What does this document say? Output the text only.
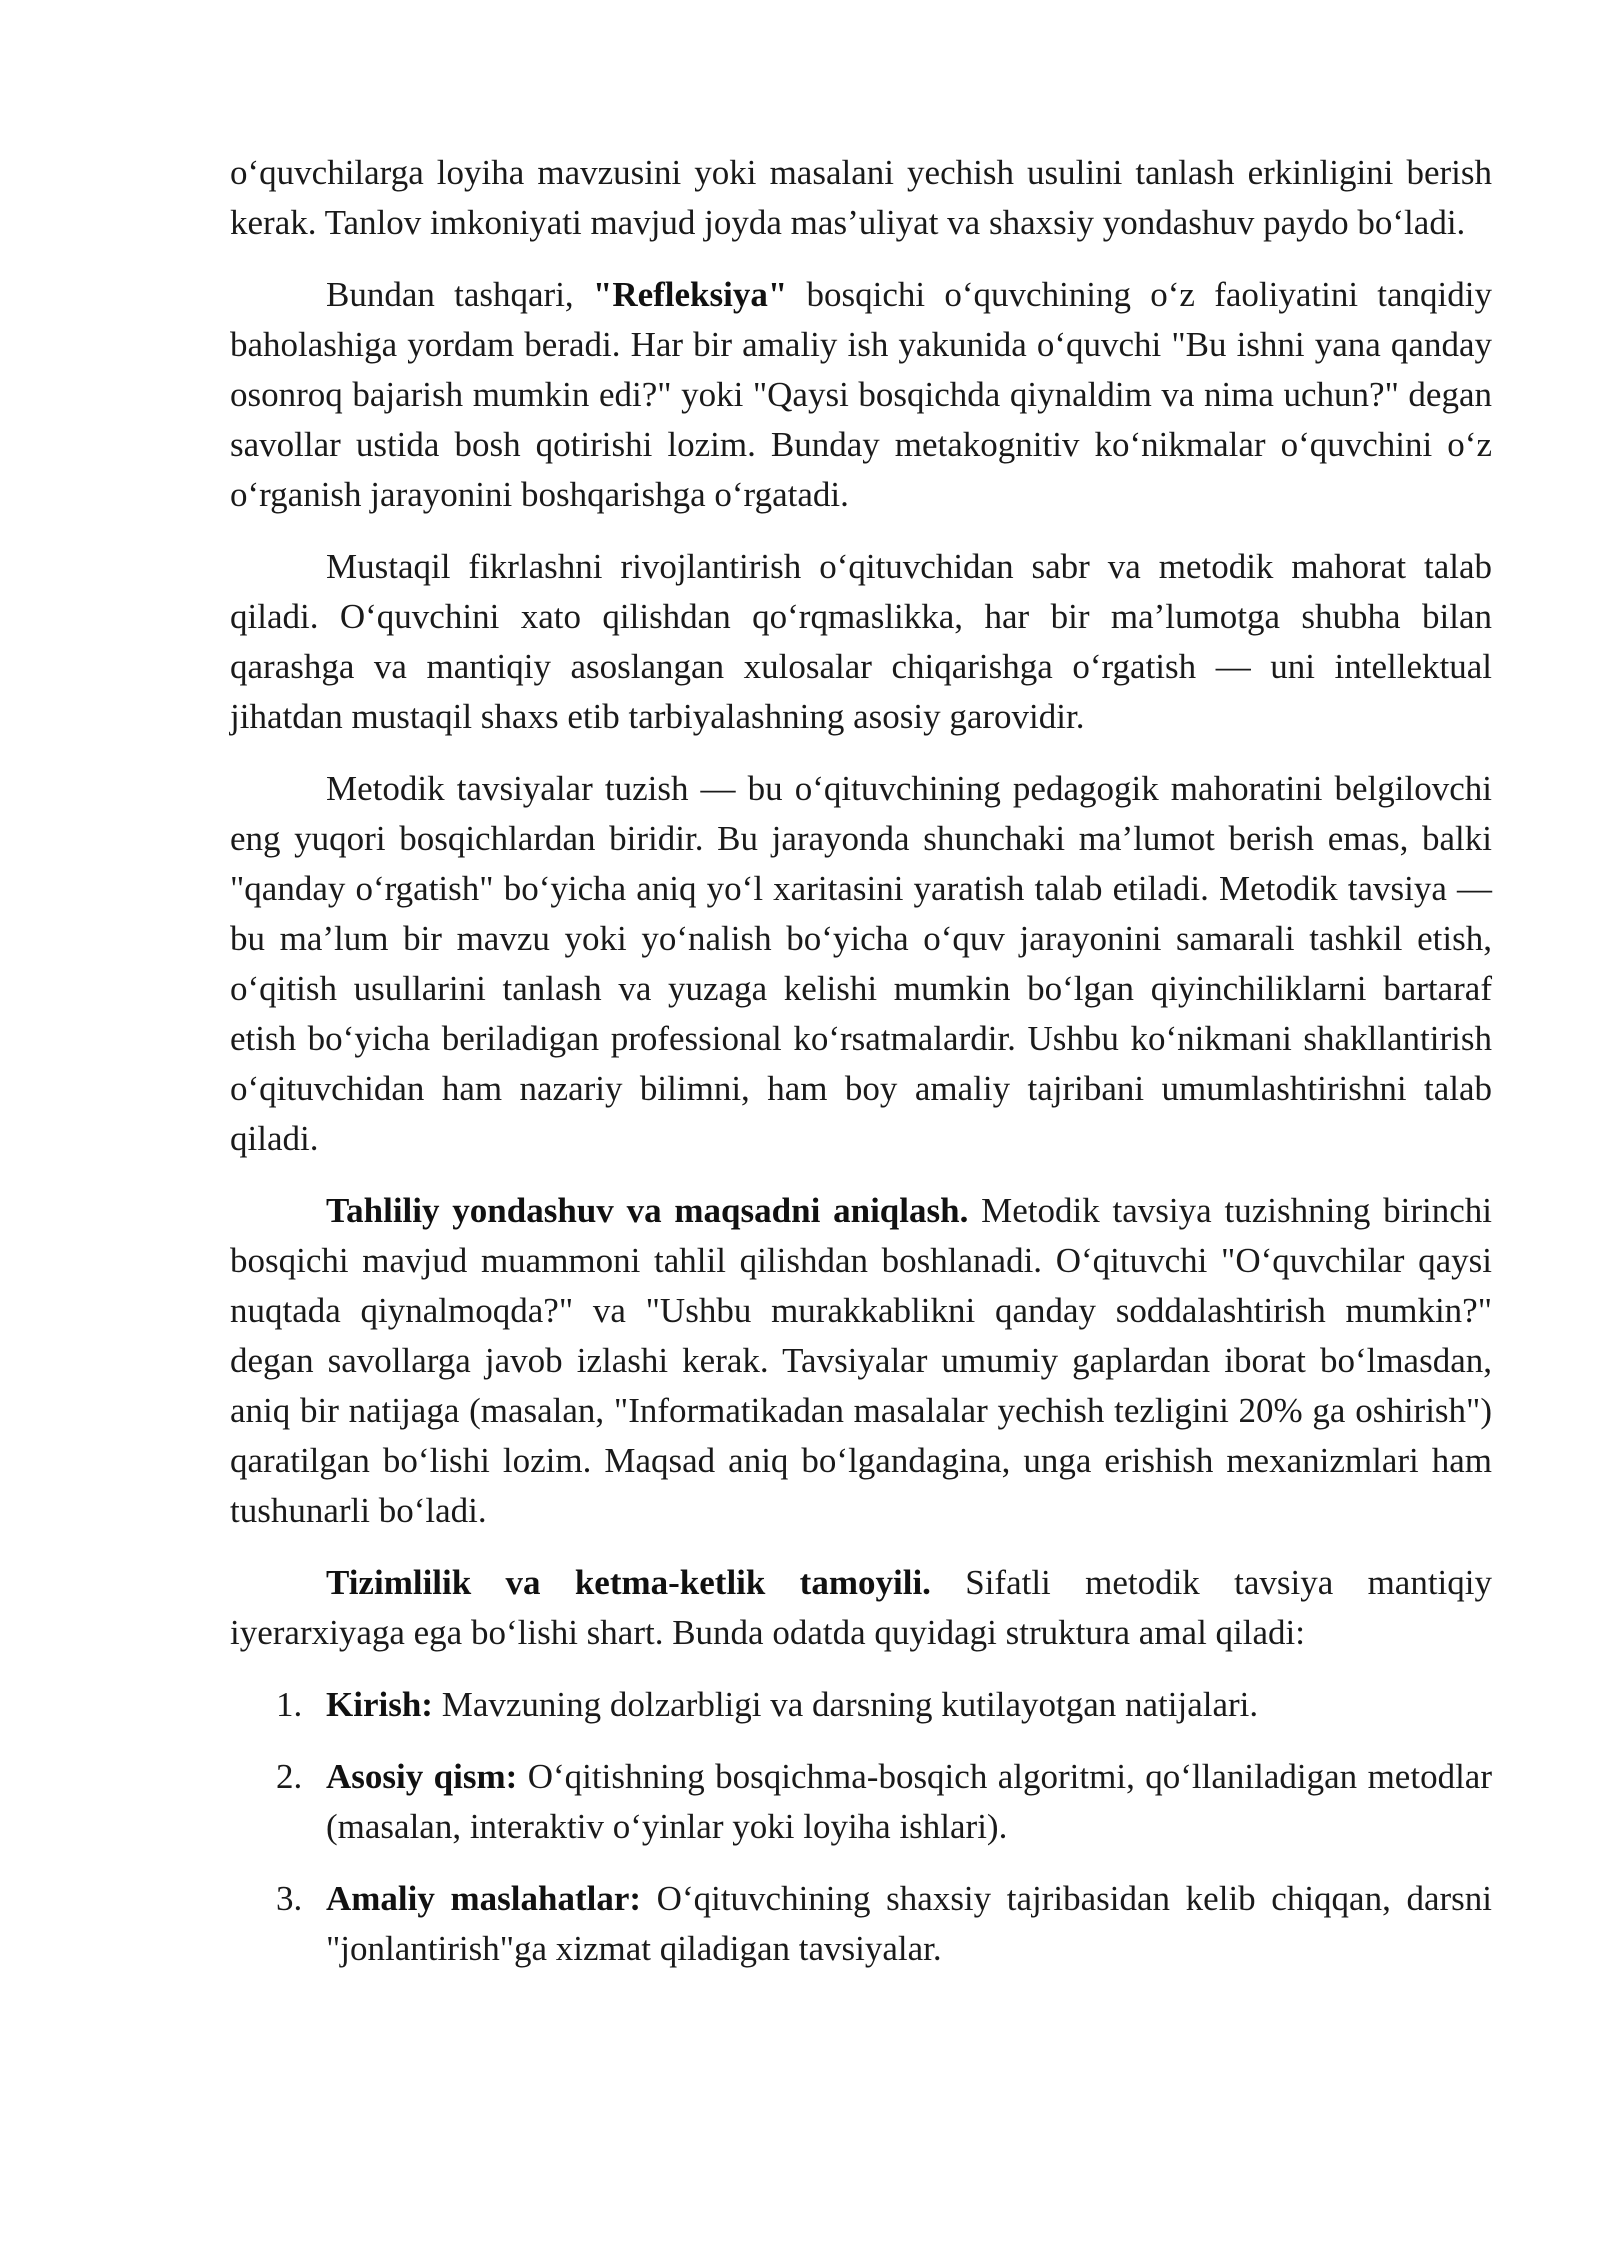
o‘quvchilarga loyiha mavzusini yoki masalani yechish usulini tanlash erkinligini berish kerak. Tanlov imkoniyati mavjud joyda mas’uliyat va shaxsiy yondashuv paydo bo‘ladi.

Bundan tashqari, "Refleksiya" bosqichi o‘quvchining o‘z faoliyatini tanqidiy baholashiga yordam beradi. Har bir amaliy ish yakunida o‘quvchi "Bu ishni yana qanday osonroq bajarish mumkin edi?" yoki "Qaysi bosqichda qiynaldim va nima uchun?" degan savollar ustida bosh qotirishi lozim. Bunday metakognitiv ko‘nikmalar o‘quvchini o‘z o‘rganish jarayonini boshqarishga o‘rgatadi.

Mustaqil fikrlashni rivojlantirish o‘qituvchidan sabr va metodik mahorat talab qiladi. O‘quvchini xato qilishdan qo‘rqmaslikka, har bir ma’lumotga shubha bilan qarashga va mantiqiy asoslangan xulosalar chiqarishga o‘rgatish — uni intellektual jihatdan mustaqil shaxs etib tarbiyalashning asosiy garovidir.

Metodik tavsiyalar tuzish — bu o‘qituvchining pedagogik mahoratini belgilovchi eng yuqori bosqichlardan biridir. Bu jarayonda shunchaki ma’lumot berish emas, balki "qanday o‘rgatish" bo‘yicha aniq yo‘l xaritasini yaratish talab etiladi. Metodik tavsiya — bu ma’lum bir mavzu yoki yo‘nalish bo‘yicha o‘quv jarayonini samarali tashkil etish, o‘qitish usullarini tanlash va yuzaga kelishi mumkin bo‘lgan qiyinchiliklarni bartaraf etish bo‘yicha beriladigan professional ko‘rsatmalardir. Ushbu ko‘nikmani shakllantirish o‘qituvchidan ham nazariy bilimni, ham boy amaliy tajribani umumlashtirishni talab qiladi.

Tahliliy yondashuv va maqsadni aniqlash. Metodik tavsiya tuzishning birinchi bosqichi mavjud muammoni tahlil qilishdan boshlanadi. O‘qituvchi "O‘quvchilar qaysi nuqtada qiynalmoqda?" va "Ushbu murakkablikni qanday soddalashtirish mumkin?" degan savollarga javob izlashi kerak. Tavsiyalar umumiy gaplardan iborat bo‘lmasdan, aniq bir natijaga (masalan, "Informatikadan masalalar yechish tezligini 20% ga oshirish") qaratilgan bo‘lishi lozim. Maqsad aniq bo‘lgandagina, unga erishish mexanizmlari ham tushunarli bo‘ladi.

Tizimlilik va ketma-ketlik tamoyili. Sifatli metodik tavsiya mantiqiy iyerarxiyaga ega bo‘lishi shart. Bunda odatda quyidagi struktura amal qiladi:

1. Kirish: Mavzuning dolzarbligi va darsning kutilayotgan natijalari.
2. Asosiy qism: O‘qitishning bosqichma-bosqich algoritmi, qo‘llaniladigan metodlar (masalan, interaktiv o‘yinlar yoki loyiha ishlari).
3. Amaliy maslahatlar: O‘qituvchining shaxsiy tajribasidan kelib chiqqan, darsni "jonlantirish"ga xizmat qiladigan tavsiyalar.
